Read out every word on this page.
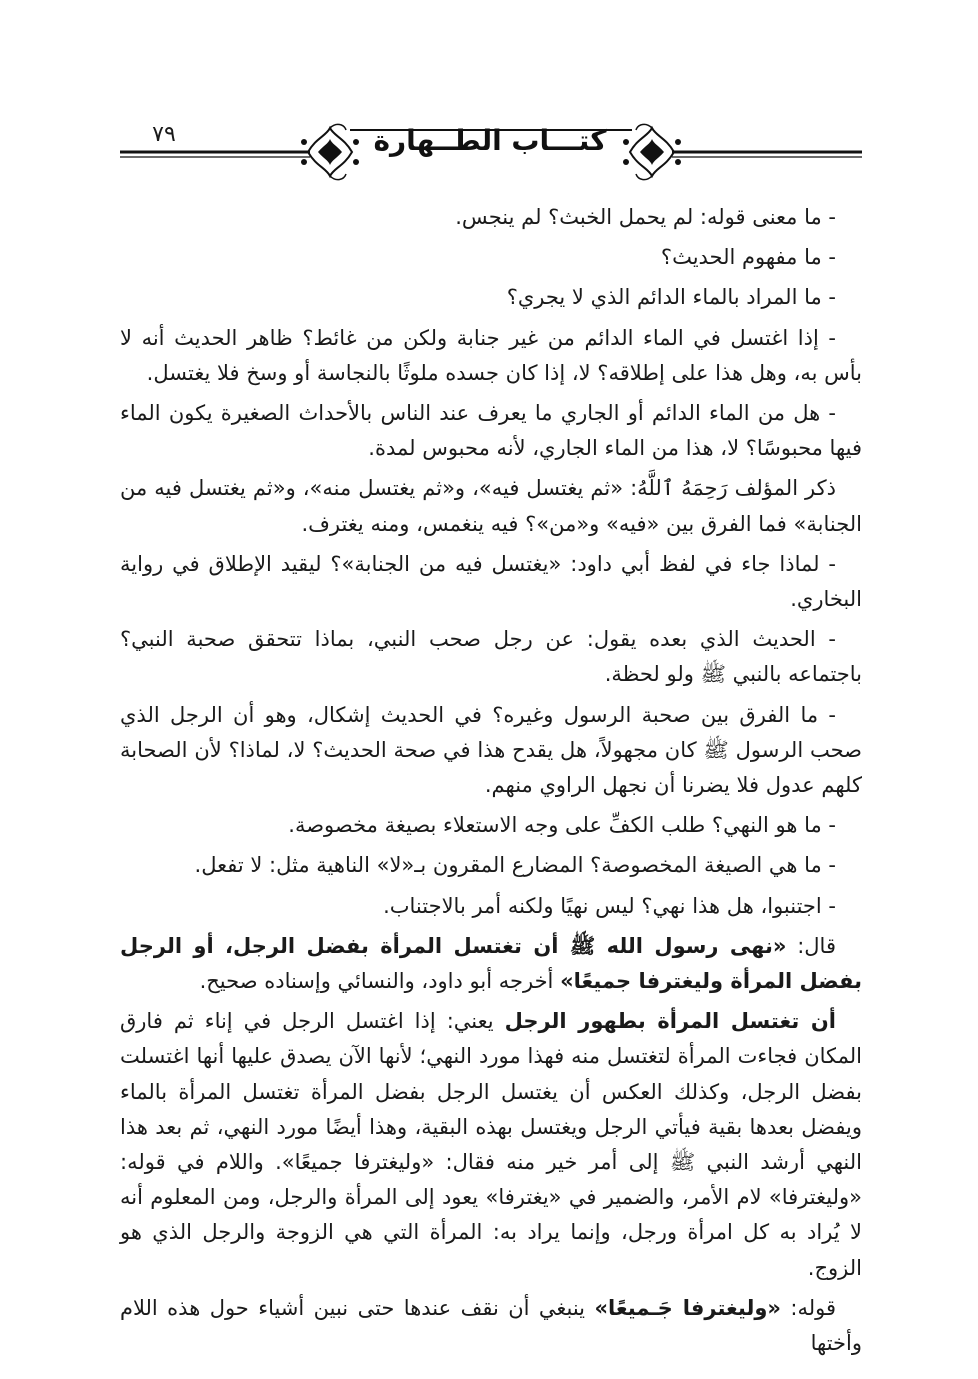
٧٩	كتـــاب الطــهارة

- ما معنى قوله: لم يحمل الخبث؟ لم ينجس.

- ما مفهوم الحديث؟

- ما المراد بالماء الدائم الذي لا يجري؟

- إذا اغتسل في الماء الدائم من غير جنابة ولكن من غائط؟ ظاهر الحديث أنه لا بأس به، وهل هذا على إطلاقه؟ لا، إذا كان جسده ملوثًا بالنجاسة أو وسخ فلا يغتسل.

- هل من الماء الدائم أو الجاري ما يعرف عند الناس بالأحداث الصغيرة يكون الماء فيها محبوسًا؟ لا، هذا من الماء الجاري، لأنه محبوس لمدة.

ذكر المؤلف رَحِمَهُ ٱللَّهُ: «ثم يغتسل فيه»، و«ثم يغتسل منه»، و«ثم يغتسل فيه من الجنابة» فما الفرق بين «فيه» و«من»؟ فيه ينغمس، ومنه يغترف.

- لماذا جاء في لفظ أبي داود: «يغتسل فيه من الجنابة»؟ ليقيد الإطلاق في رواية البخاري.

- الحديث الذي بعده يقول: عن رجل صحب النبي، بماذا تتحقق صحبة النبي؟ باجتماعه بالنبي ﷺ ولو لحظة.

- ما الفرق بين صحبة الرسول وغيره؟ في الحديث إشكال، وهو أن الرجل الذي صحب الرسول ﷺ كان مجهولاً، هل يقدح هذا في صحة الحديث؟ لا، لماذا؟ لأن الصحابة كلهم عدول فلا يضرنا أن نجهل الراوي منهم.

- ما هو النهي؟ طلب الكفِّ على وجه الاستعلاء بصيغة مخصوصة.

- ما هي الصيغة المخصوصة؟ المضارع المقرون بـ«لا» الناهية مثل: لا تفعل.

- اجتنبوا، هل هذا نهي؟ ليس نهيًا ولكنه أمر بالاجتناب.

قال: «نهى رسول الله ﷺ أن تغتسل المرأة بفضل الرجل، أو الرجل بفضل المرأة وليغترفا جميعًا» أخرجه أبو داود، والنسائي وإسناده صحيح.

أن تغتسل المرأة بطهور الرجل يعني: إذا اغتسل الرجل في إناء ثم فارق المكان فجاءت المرأة لتغتسل منه فهذا مورد النهي؛ لأنها الآن يصدق عليها أنها اغتسلت بفضل الرجل، وكذلك العكس أن يغتسل الرجل بفضل المرأة تغتسل المرأة بالماء ويفضل بعدها بقية فيأتي الرجل ويغتسل بهذه البقية، وهذا أيضًا مورد النهي، ثم بعد هذا النهي أرشد النبي ﷺ إلى أمر خير منه فقال: «وليغترفا جميعًا». واللام في قوله: «وليغترفا» لام الأمر، والضمير في «يغترفا» يعود إلى المرأة والرجل، ومن المعلوم أنه لا يُراد به كل امرأة ورجل، وإنما يراد به: المرأة التي هي الزوجة والرجل الذي هو الزوج.

قوله: «وليغترفا جَـميعًا» ينبغي أن نقف عندها حتى نبين أشياء حول هذه اللام وأختها
